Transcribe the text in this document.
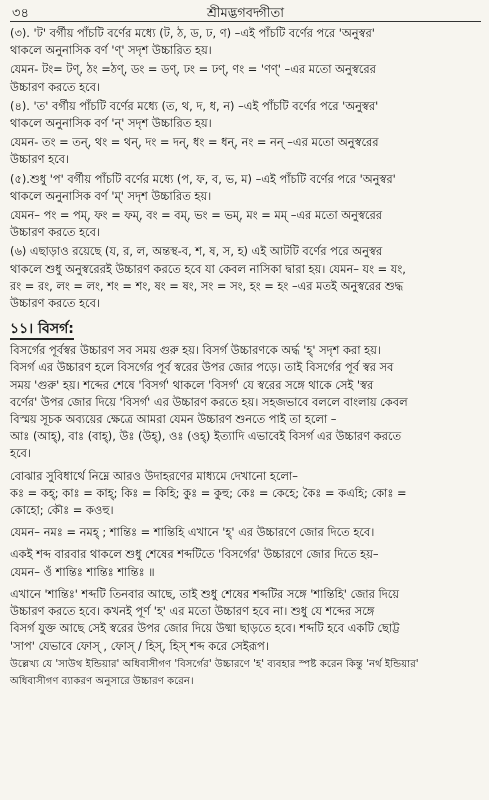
৩৪	শ্রীমদ্ভগবদ্গীতা
(৩). 'ট' বর্গীয় পাঁচটি বর্ণের মধ্যে (ট, ঠ, ড, ঢ, ণ) –এই পাঁচটি বর্ণের পরে 'অনুস্বর'
থাকলে অনুনাসিক বর্ণ 'ণ্' সদৃশ উচ্চারিত হয়।
যেমন- টং= টণ্, ঠং =ঠণ্, ডং = ডণ্, ঢং = ঢণ্, ণং = 'ণণ্' –এর মতো অনুস্বরের
উচ্চারণ করতে হবে।
(৪). 'ত' বর্গীয় পাঁচটি বর্ণের মধ্যে (ত, থ, দ, ধ, ন) –এই পাঁচটি বর্ণের পরে 'অনুস্বর'
থাকলে অনুনাসিক বর্ণ 'ন্' সদৃশ উচ্চারিত হয়।
যেমন- তং = তন্, থং = থন্, দং = দন্, ধং = ধন্, নং = নন্ –এর মতো অনুস্বরের
উচ্চারণ হবে।
(৫).শুধু 'প' বর্গীয় পাঁচটি বর্ণের মধ্যে (প, ফ, ব, ভ, ম) –এই পাঁচটি বর্ণের পরে 'অনুস্বর'
থাকলে অনুনাসিক বর্ণ 'ম্' সদৃশ উচ্চারিত হয়।
যেমন– পং = পম্, ফং = ফম্, বং = বম্, ভং = ভম্, মং = মম্ –এর মতো অনুস্বরের
উচ্চারণ করতে হবে।
(৬) এছাড়াও রয়েছে (য, র, ল, অন্তস্থ-ব, শ, ষ, স, হ) এই আটটি বর্ণের পরে অনুস্বর
থাকলে শুধু অনুস্বরেরই উচ্চারণ করতে হবে যা কেবল নাসিকা দ্বারা হয়। যেমন– যং = যং,
রং = রং, লং = লং, শং = শং, ষং = ষং, সং = সং, হং = হং –এর মতই অনুস্বরের শুদ্ধ
উচ্চারণ করতে হবে।
১১। বিসর্গ:
বিসর্গের পূর্বস্বর উচ্চারণ সব সময় গুরু হয়। বিসর্গ উচ্চারণকে অর্দ্ধ 'হ্' সদৃশ করা হয়।
বিসর্গ এর উচ্চারণ হলে বিসর্গের পূর্ব স্বরের উপর জোর পড়ে। তাই বিসর্গের পূর্ব স্বর সব
সময় 'গুরু' হয়। শব্দের শেষে 'বিসর্গ' থাকলে 'বিসর্গ' যে স্বরের সঙ্গে থাকে সেই 'স্বর
বর্ণের' উপর জোর দিয়ে 'বিসর্গ' এর উচ্চারণ করতে হয়। সহজভাবে বললে বাংলায় কেবল
বিস্ময় সূচক অব্যয়ের ক্ষেত্রে আমরা যেমন উচ্চারণ শুনতে পাই তা হলো –
আঃ (আহ্), বাঃ (বাহ্), উঃ (উহ্), ওঃ (ওহ্) ইত্যাদি এভাবেই বিসর্গ এর উচ্চারণ করতে
হবে।
বোঝার সুবিধার্থে নিম্নে আরও উদাহরণের মাধ্যমে দেখানো হলো–
কঃ = কহ্; কাঃ = কাহ্; কিঃ = কিহি; কুঃ = কুহু; কেঃ = কেহে; কৈঃ = কএহি; কোঃ =
কোহো; কৌঃ = কওহু।
যেমন– নমঃ = নমহ্ ; শান্তিঃ = শান্তিহি এখানে 'হ্' এর উচ্চারণে জোর দিতে হবে।
একই শব্দ বারবার থাকলে শুধু শেষের শব্দটিতে 'বিসর্গের' উচ্চারণে জোর দিতে হয়–
যেমন– ওঁ শান্তিঃ শান্তিঃ শান্তিঃ ॥
এখানে 'শান্তিঃ' শব্দটি তিনবার আছে, তাই শুধু শেষের শব্দটির সঙ্গে 'শান্তিহি' জোর দিয়ে
উচ্চারণ করতে হবে। কখনই পূর্ণ 'হ' এর মতো উচ্চারণ হবে না। শুধু যে শব্দের সঙ্গে
বিসর্গ যুক্ত আছে সেই স্বরের উপর জোর দিয়ে উষ্মা ছাড়তে হবে। শব্দটি হবে একটি ছোট্ট
'সাপ' যেভাবে ফোস্ , ফোস্ / হিস্, হিস্ শব্দ করে সেইরূপ।
উল্লেখ্য যে 'সাউথ ইন্ডিয়ার' অধিবাসীগণ 'বিসর্গের' উচ্চারণে 'হ' ব্যবহার স্পষ্ট করেন কিন্তু 'নর্থ ইন্ডিয়ার'
অধিবাসীগণ ব্যাকরণ অনুসারে উচ্চারণ করেন।
